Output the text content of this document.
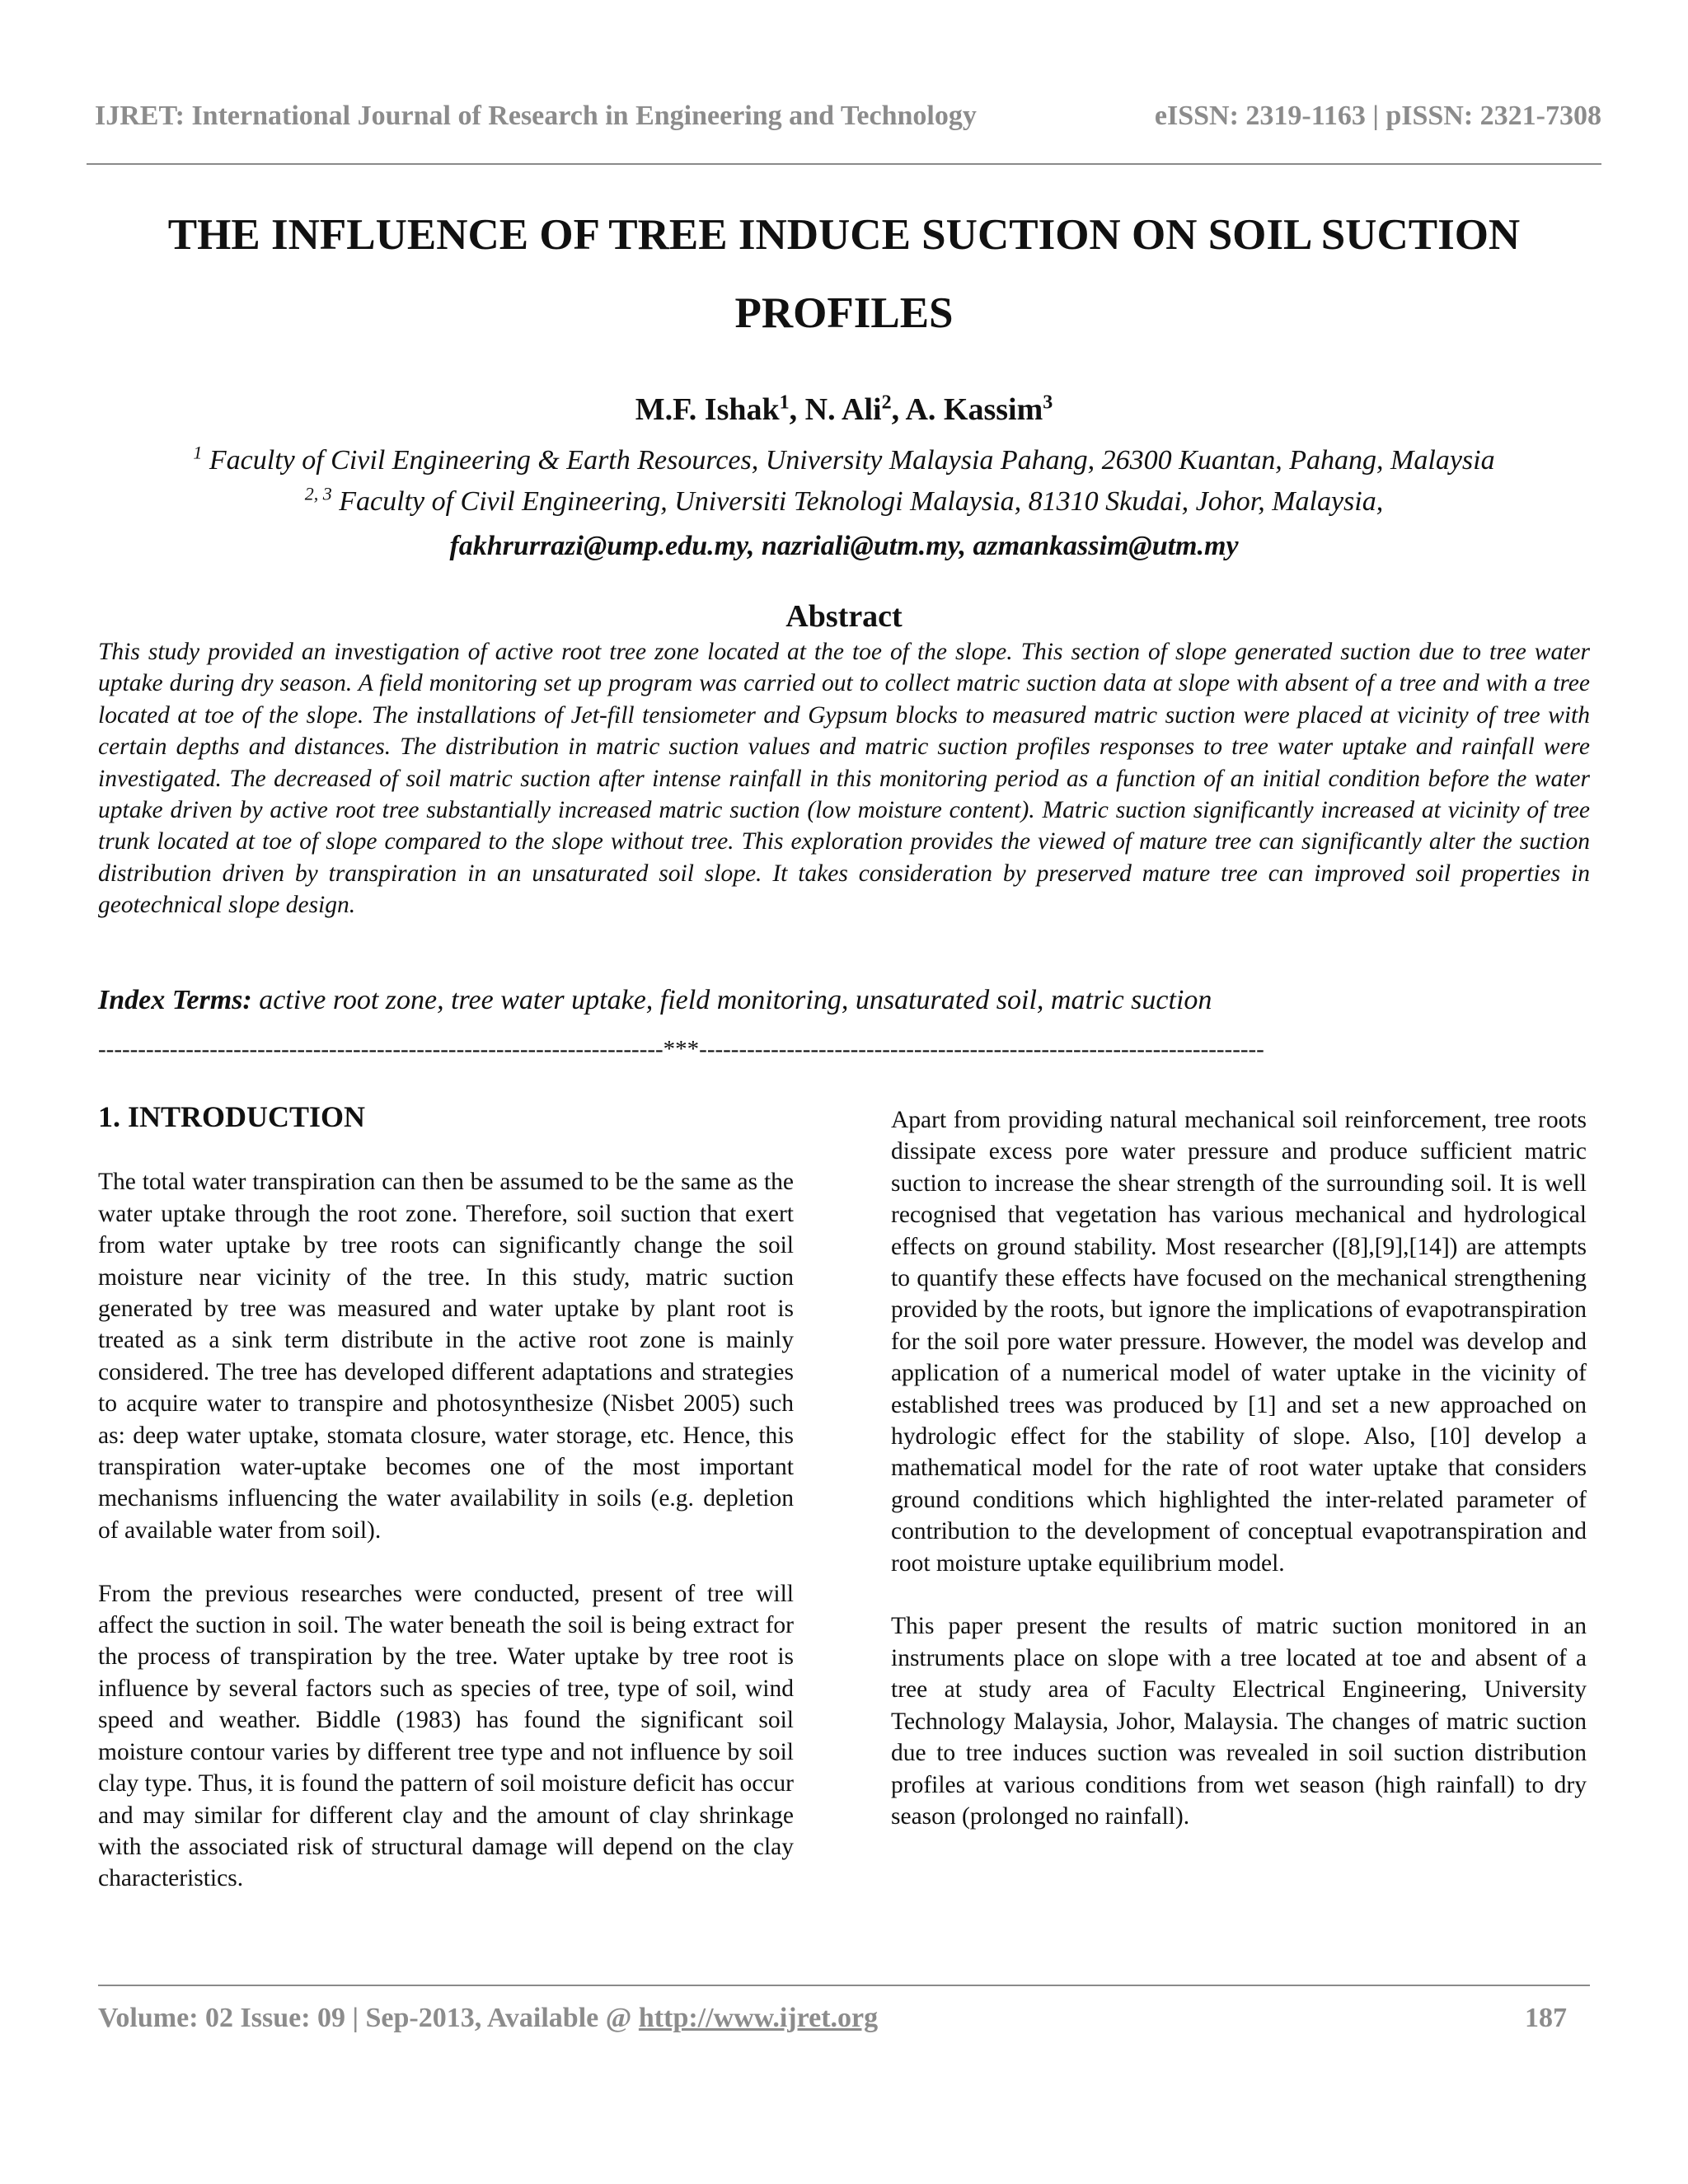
IJRET: International Journal of Research in Engineering and Technology	eISSN: 2319-1163 | pISSN: 2321-7308
THE INFLUENCE OF TREE INDUCE SUCTION ON SOIL SUCTION PROFILES
M.F. Ishak$^1$, N. Ali$^2$, A. Kassim$^3$
$^1$ Faculty of Civil Engineering & Earth Resources, University Malaysia Pahang, 26300 Kuantan, Pahang, Malaysia
$^{2, 3}$ Faculty of Civil Engineering, Universiti Teknologi Malaysia, 81310 Skudai, Johor, Malaysia,
fakhrurrazi@ump.edu.my, nazriali@utm.my, azmankassim@utm.my
Abstract
This study provided an investigation of active root tree zone located at the toe of the slope. This section of slope generated suction due to tree water uptake during dry season. A field monitoring set up program was carried out to collect matric suction data at slope with absent of a tree and with a tree located at toe of the slope. The installations of Jet-fill tensiometer and Gypsum blocks to measured matric suction were placed at vicinity of tree with certain depths and distances. The distribution in matric suction values and matric suction profiles responses to tree water uptake and rainfall were investigated. The decreased of soil matric suction after intense rainfall in this monitoring period as a function of an initial condition before the water uptake driven by active root tree substantially increased matric suction (low moisture content). Matric suction significantly increased at vicinity of tree trunk located at toe of slope compared to the slope without tree. This exploration provides the viewed of mature tree can significantly alter the suction distribution driven by transpiration in an unsaturated soil slope. It takes consideration by preserved mature tree can improved soil properties in geotechnical slope design.
Index Terms: active root zone, tree water uptake, field monitoring, unsaturated soil, matric suction
-----------------------------------------------------------------------***-----------------------------------------------------------------------

1. INTRODUCTION

The total water transpiration can then be assumed to be the same as the water uptake through the root zone. Therefore, soil suction that exert from water uptake by tree roots can significantly change the soil moisture near vicinity of the tree. In this study, matric suction generated by tree was measured and water uptake by plant root is treated as a sink term distribute in the active root zone is mainly considered. The tree has developed different adaptations and strategies to acquire water to transpire and photosynthesize (Nisbet 2005) such as: deep water uptake, stomata closure, water storage, etc. Hence, this transpiration water-uptake becomes one of the most important mechanisms influencing the water availability in soils (e.g. depletion of available water from soil).

From the previous researches were conducted, present of tree will affect the suction in soil. The water beneath the soil is being extract for the process of transpiration by the tree. Water uptake by tree root is influence by several factors such as species of tree, type of soil, wind speed and weather. Biddle (1983) has found the significant soil moisture contour varies by different tree type and not influence by soil clay type. Thus, it is found the pattern of soil moisture deficit has occur and may similar for different clay and the amount of clay shrinkage with the associated risk of structural damage will depend on the clay characteristics.

Apart from providing natural mechanical soil reinforcement, tree roots dissipate excess pore water pressure and produce sufficient matric suction to increase the shear strength of the surrounding soil. It is well recognised that vegetation has various mechanical and hydrological effects on ground stability. Most researcher ([8],[9],[14]) are attempts to quantify these effects have focused on the mechanical strengthening provided by the roots, but ignore the implications of evapotranspiration for the soil pore water pressure. However, the model was develop and application of a numerical model of water uptake in the vicinity of established trees was produced by [1] and set a new approached on hydrologic effect for the stability of slope. Also, [10] develop a mathematical model for the rate of root water uptake that considers ground conditions which highlighted the inter-related parameter of contribution to the development of conceptual evapotranspiration and root moisture uptake equilibrium model.

This paper present the results of matric suction monitored in an instruments place on slope with a tree located at toe and absent of a tree at study area of Faculty Electrical Engineering, University Technology Malaysia, Johor, Malaysia. The changes of matric suction due to tree induces suction was revealed in soil suction distribution profiles at various conditions from wet season (high rainfall) to dry season (prolonged no rainfall).

Volume: 02 Issue: 09 | Sep-2013, Available @ http://www.ijret.org	187
